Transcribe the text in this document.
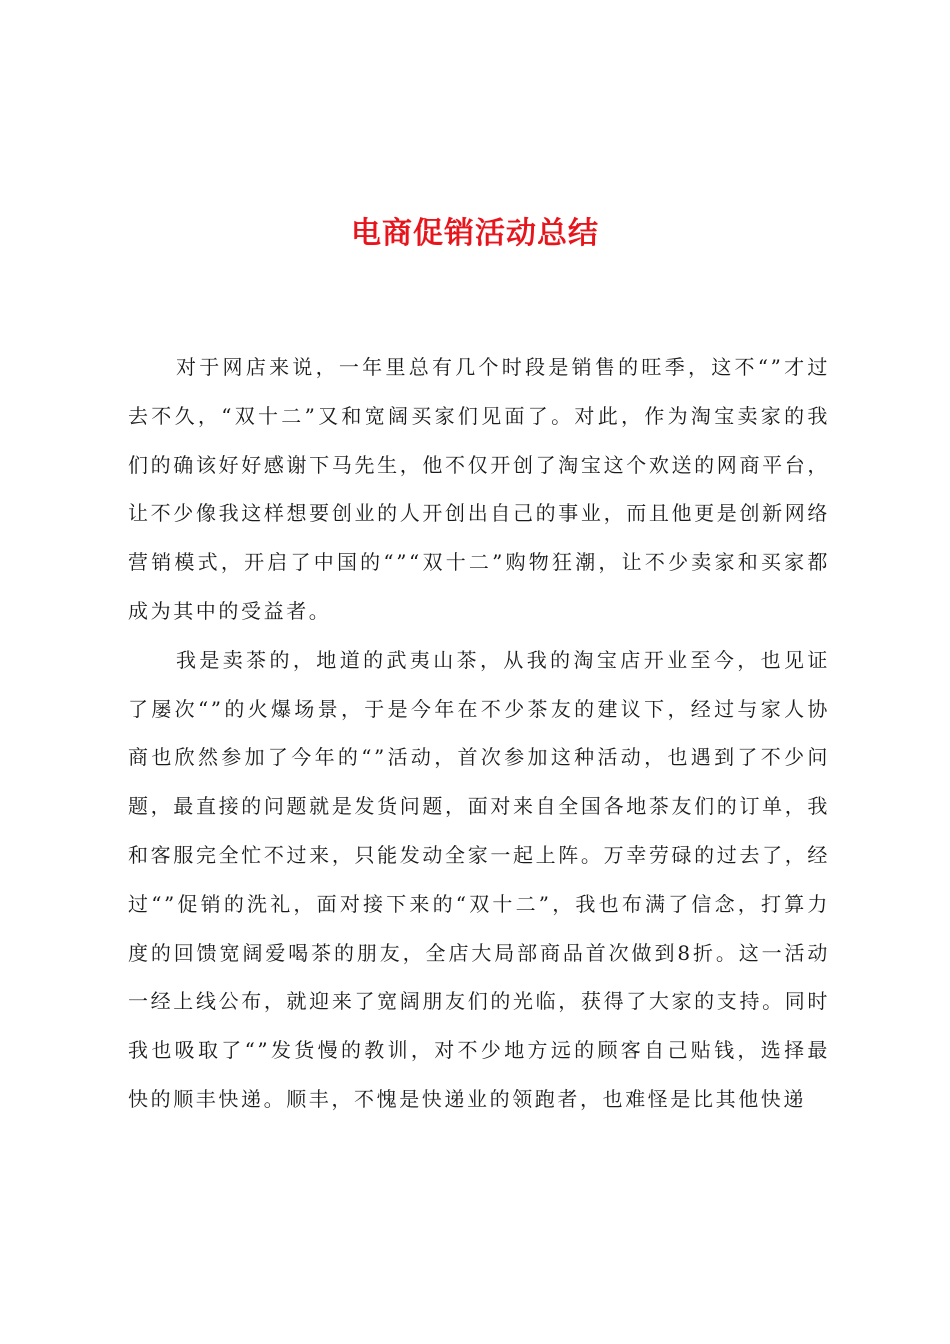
电商促销活动总结

对于网店来说，一年里总有几个时段是销售的旺季，这不“”才过去不久，“双十二”又和宽阔买家们见面了。对此，作为淘宝卖家的我们的确该好好感谢下马先生，他不仅开创了淘宝这个欢送的网商平台，让不少像我这样想要创业的人开创出自己的事业，而且他更是创新网络营销模式，开启了中国的“”“双十二”购物狂潮，让不少卖家和买家都成为其中的受益者。

我是卖茶的，地道的武夷山茶，从我的淘宝店开业至今，也见证了屡次“”的火爆场景，于是今年在不少茶友的建议下，经过与家人协商也欣然参加了今年的“”活动，首次参加这种活动，也遇到了不少问题，最直接的问题就是发货问题，面对来自全国各地茶友们的订单，我和客服完全忙不过来，只能发动全家一起上阵。万幸劳碌的过去了，经过“”促销的洗礼，面对接下来的“双十二”，我也布满了信念，打算力度的回馈宽阔爱喝茶的朋友，全店大局部商品首次做到8折。这一活动一经上线公布，就迎来了宽阔朋友们的光临，获得了大家的支持。同时我也吸取了“”发货慢的教训，对不少地方远的顾客自己贴钱，选择最快的顺丰快递。顺丰，不愧是快递业的领跑者，也难怪是比其他快递
